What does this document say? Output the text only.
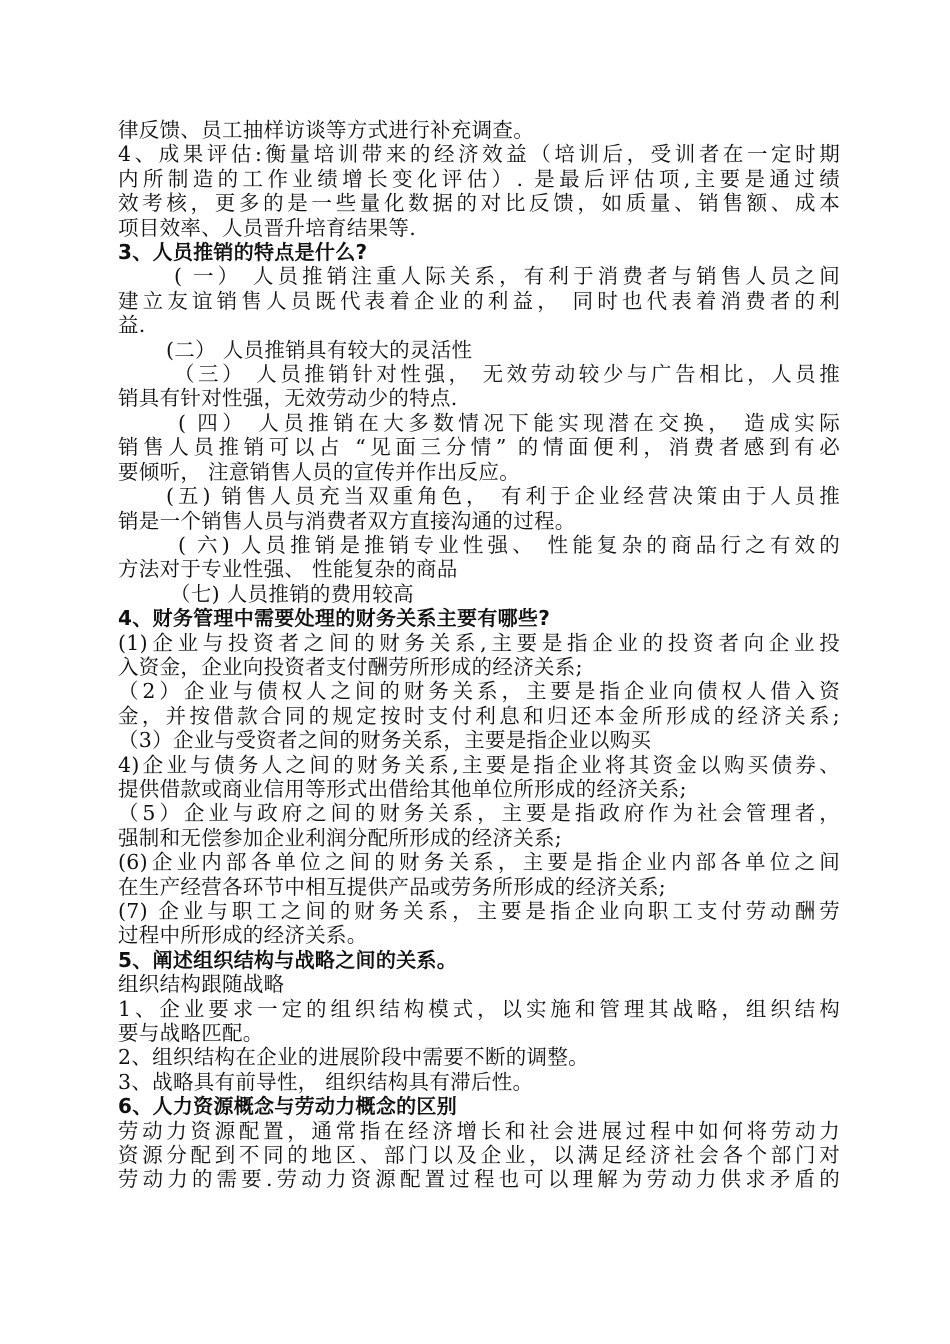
律反馈、员工抽样访谈等方式进行补充调查。
4、成果评估:衡量培训带来的经济效益（培训后，受训者在一定时期
内所制造的工作业绩增长变化评估）. 是最后评估项,主要是通过绩
效考核，更多的是一些量化数据的对比反馈，如质量、销售额、成本
项目效率、人员晋升培育结果等.
3、人员推销的特点是什么?
( 一） 人员推销注重人际关系，有利于消费者与销售人员之间
建立友谊销售人员既代表着企业的利益， 同时也代表着消费者的利
益.
(二） 人员推销具有较大的灵活性
（三） 人员推销针对性强， 无效劳动较少与广告相比，人员推
销具有针对性强，无效劳动少的特点.
( 四） 人员推销在大多数情况下能实现潜在交换， 造成实际
销售人员推销可以占 “见面三分情” 的情面便利，消费者感到有必
要倾听， 注意销售人员的宣传并作出反应。
(五) 销售人员充当双重角色， 有利于企业经营决策由于人员推
销是一个销售人员与消费者双方直接沟通的过程。
( 六) 人员推销是推销专业性强、 性能复杂的商品行之有效的
方法对于专业性强、 性能复杂的商品
（七) 人员推销的费用较高
4、财务管理中需要处理的财务关系主要有哪些?
(1)企业与投资者之间的财务关系,主要是指企业的投资者向企业投
入资金，企业向投资者支付酬劳所形成的经济关系;
（2）企业与债权人之间的财务关系，主要是指企业向债权人借入资
金，并按借款合同的规定按时支付利息和归还本金所形成的经济关系;
（3）企业与受资者之间的财务关系，主要是指企业以购买
4)企业与债务人之间的财务关系,主要是指企业将其资金以购买债券、
提供借款或商业信用等形式出借给其他单位所形成的经济关系;
（5）企业与政府之间的财务关系，主要是指政府作为社会管理者，
强制和无偿参加企业利润分配所形成的经济关系;
(6)企业内部各单位之间的财务关系，主要是指企业内部各单位之间
在生产经营各环节中相互提供产品或劳务所形成的经济关系;
(7) 企业与职工之间的财务关系，主要是指企业向职工支付劳动酬劳
过程中所形成的经济关系。
5、阐述组织结构与战略之间的关系。
组织结构跟随战略
1、企业要求一定的组织结构模式，以实施和管理其战略，组织结构
要与战略匹配。
2、组织结构在企业的进展阶段中需要不断的调整。
3、战略具有前导性， 组织结构具有滞后性。
6、人力资源概念与劳动力概念的区别
劳动力资源配置，通常指在经济增长和社会进展过程中如何将劳动力
资源分配到不同的地区、部门以及企业，以满足经济社会各个部门对
劳动力的需要.劳动力资源配置过程也可以理解为劳动力供求矛盾的
